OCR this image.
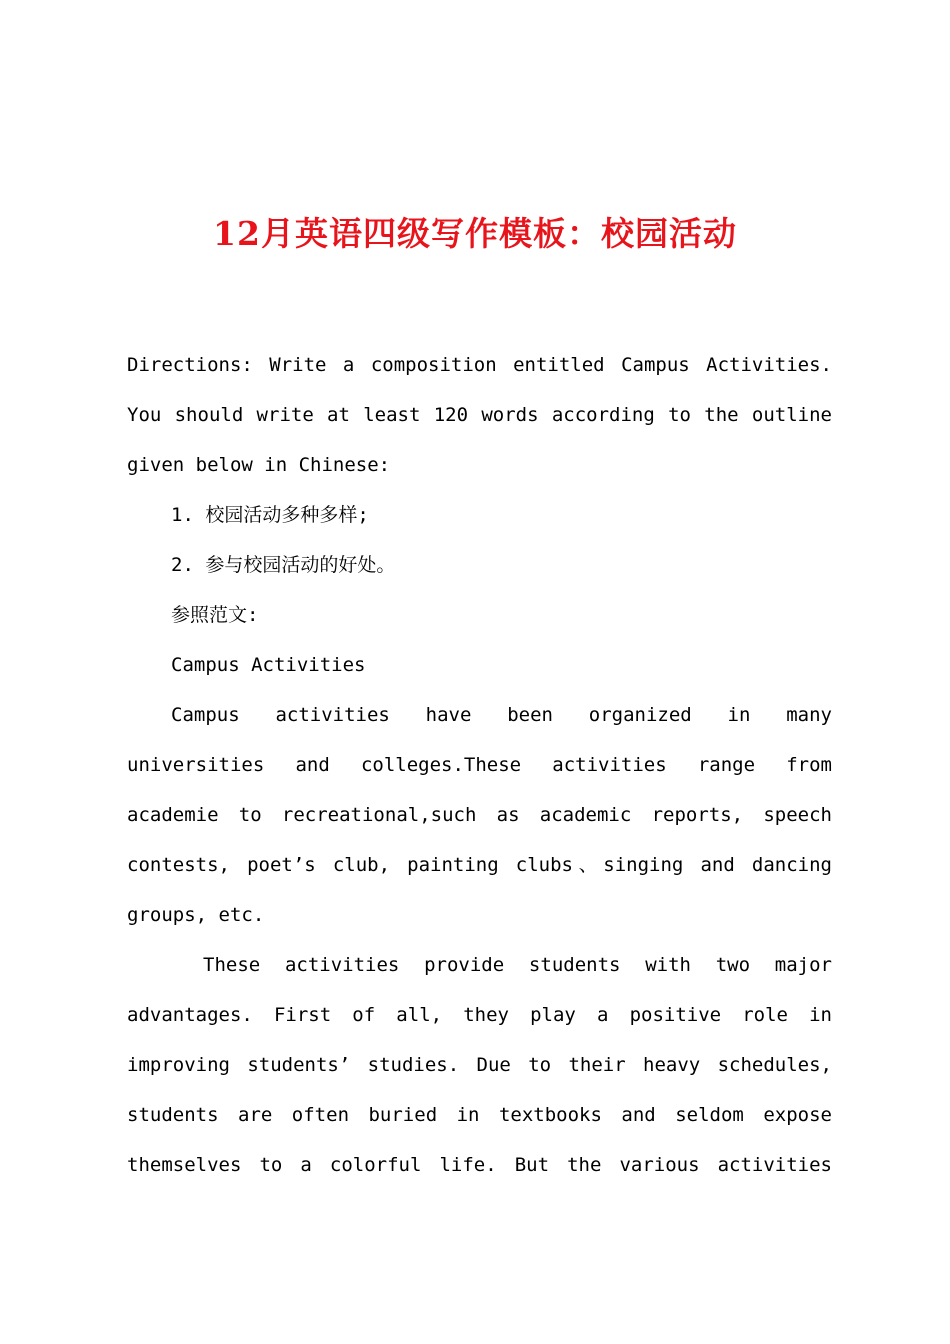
12月英语四级写作模板：校园活动

Directions: Write a composition entitled Campus Activities. You should write at least 120 words according to the outline given below in Chinese:

1. 校园活动多种多样;

2. 参与校园活动的好处。

参照范文:

Campus Activities

Campus activities have been organized in many universities and colleges.These activities range from academie to recreational,such as academic reports, speech contests, poet’s club, painting clubs、singing and dancing groups, etc.

These activities provide students with two major
advantages. First of all, they play a positive role in
improving students’ studies. Due to their heavy schedules,
students are often buried in textbooks and seldom expose
themselves to a colorful life. But the various activities
